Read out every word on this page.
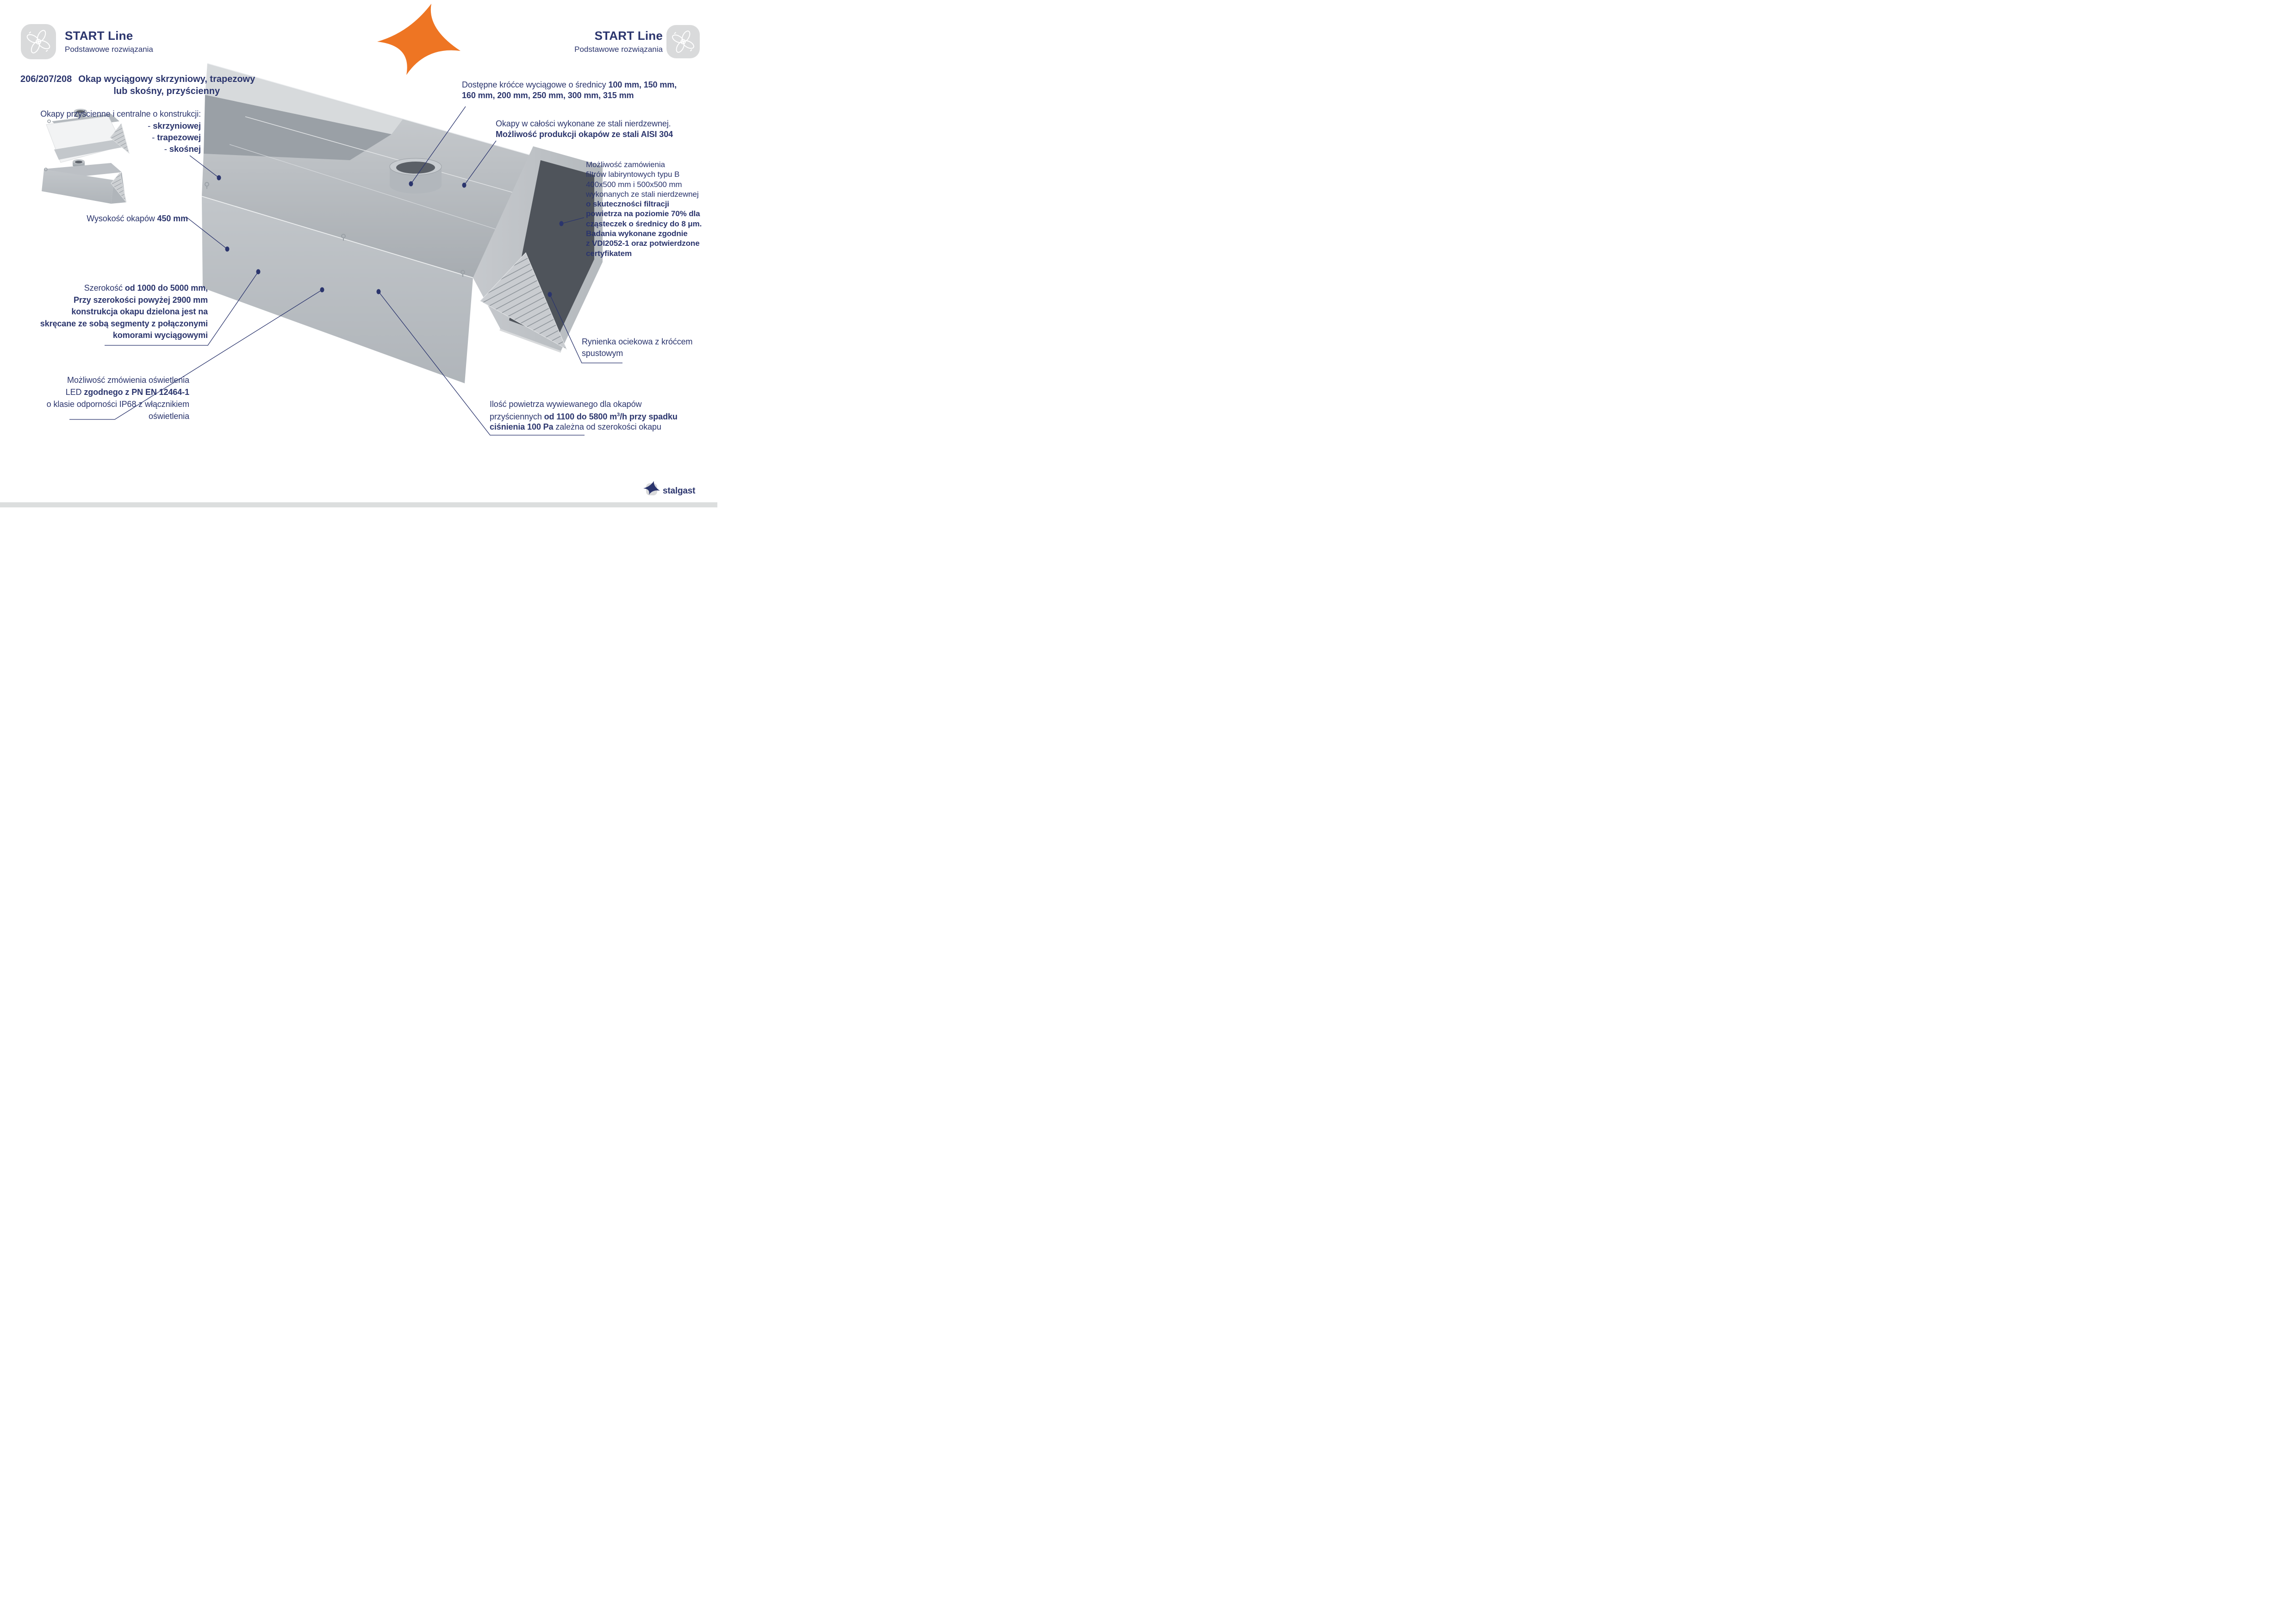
START Line
Podstawowe rozwiązania
START Line
Podstawowe rozwiązania
206/207/208 Okap wyciągowy skrzyniowy, trapezowy
lub skośny, przyścienny
Okapy przyścienne i centralne o konstrukcji:
- skrzyniowej
- trapezowej
- skośnej
Wysokość okapów 450 mm
Szerokość od 1000 do 5000 mm,
Przy szerokości powyżej 2900 mm
konstrukcja okapu dzielona jest na
skręcane ze sobą segmenty z połączonymi
komorami wyciągowymi
Możliwość zmówienia oświetlenia
LED zgodnego z PN EN 12464-1
o klasie odporności IP68 z włącznikiem
oświetlenia
Dostępne króćce wyciągowe o średnicy 100 mm, 150 mm,
160 mm, 200 mm, 250 mm, 300 mm, 315 mm
Okapy w całości wykonane ze stali nierdzewnej.
Możliwość produkcji okapów ze stali AISI 304
Możliwość zamówienia
filtrów labiryntowych typu B
400x500 mm i 500x500 mm
wykonanych ze stali nierdzewnej
o skuteczności filtracji
powietrza na poziomie 70% dla
cząsteczek o średnicy do 8 μm.
Badania wykonane zgodnie
z VDI2052-1 oraz potwierdzone
certyfikatem
Rynienka ociekowa z króćcem
spustowym
Ilość powietrza wywiewanego dla okapów
przyściennych od 1100 do 5800 $m^3/h$ przy spadku
ciśnienia 100 Pa zależna od szerokości okapu
stalgast
